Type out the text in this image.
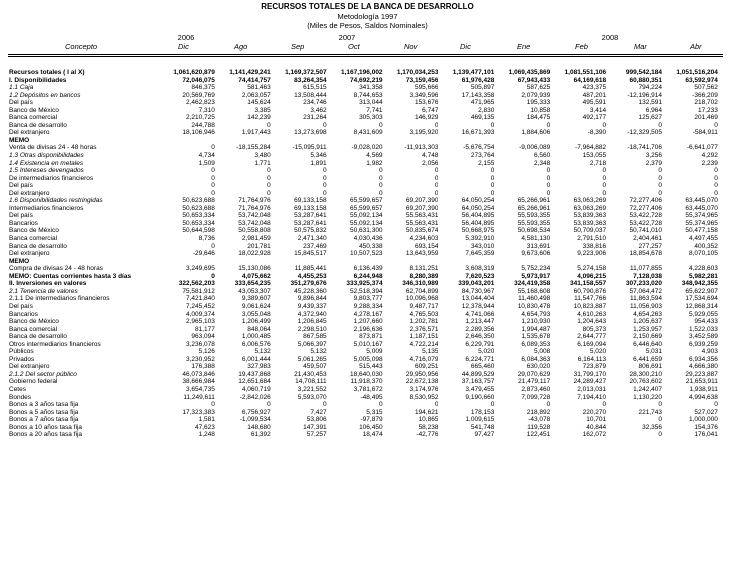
RECURSOS TOTALES DE LA BANCA DE DESARROLLO
Metodología 1997
(Miles de Pesos, Saldos Nominales)
2006	2007	2008
Concepto	Dic	Ago	Sep	Oct	Nov	Dic	Ene	Feb	Mar	Abr
Recursos totales ( I al X)	1,061,620,879	1,141,429,241	1,169,372,507	1,167,196,002	1,170,034,253	1,139,477,101	1,069,435,869	1,081,551,106	999,542,184	1,051,516,204
I. Disponibilidades	72,046,075	74,414,757	83,264,354	74,692,219	73,159,456	61,976,428	67,943,433	64,169,618	60,880,351	63,592,974
1.1 Caja	846,375	581,463	615,515	341,358	595,666	505,897	587,625	423,375	794,224	507,562
1.2 Depósitos en bancos	20,569,769	2,063,057	13,508,444	8,744,653	3,349,596	17,143,358	2,079,939	487,201	-12,196,914	-366,209
Del país	2,462,823	145,624	234,746	313,044	153,676	471,965	195,333	495,591	132,591	218,702
Banco de México	7,310	3,385	3,462	7,741	6,747	2,830	10,858	3,414	6,964	17,233
Banca comercial	2,210,725	142,239	231,264	305,303	146,929	469,135	184,475	492,177	125,627	201,469
Banca de desarrollo	244,788	0	0	0	0	0	0	0	0	0
Del extranjero	18,106,946	1,917,443	13,273,698	8,431,609	3,195,920	16,671,393	1,884,606	-8,390	-12,329,505	-584,911
MEMO										
Venta de divisas 24 - 48 horas	0	-18,155,284	-15,095,911	-9,028,020	-11,913,303	-5,676,754	-9,006,089	-7,964,882	-18,741,706	-6,641,077
1.3 Otras disponibilidades	4,734	3,480	5,346	4,569	4,748	273,764	6,560	153,055	3,256	4,292
1.4 Existencia en metales	1,509	1,771	1,891	1,982	2,056	2,155	2,348	2,718	2,379	2,239
1.5 Intereses devengados	0	0	0	0	0	0	0	0	0	0
De intermediarios financieros	0	0	0	0	0	0	0	0	0	0
Del país	0	0	0	0	0	0	0	0	0	0
Del extranjero	0	0	0	0	0	0	0	0	0	0
1.6 Disponibilidades restringidas	50,623,688	71,764,976	69,133,158	65,599,657	69,207,390	64,050,254	65,266,961	63,063,269	72,277,406	63,445,070
Intermediarios financieros	50,623,688	71,764,976	69,133,158	65,599,657	69,207,390	64,050,254	65,266,961	63,063,269	72,277,406	63,445,070
Del país	50,653,334	53,742,048	53,287,641	55,092,134	55,563,431	56,404,895	55,593,355	53,839,363	53,422,728	55,374,965
Bancarios	50,653,334	53,742,048	53,287,641	55,092,134	55,563,431	56,404,895	55,593,355	53,839,363	53,422,728	55,374,965
Banco de México	50,644,598	50,558,808	50,575,832	50,631,300	50,835,674	50,668,975	50,698,534	50,709,037	50,741,010	50,477,158
Banca comercial	8,736	2,981,459	2,471,340	4,030,436	4,234,603	5,392,910	4,581,130	2,791,510	2,404,461	4,497,455
Banca de desarrollo	0	201,781	237,469	450,338	693,154	343,010	313,691	338,816	277,257	400,352
Del extranjero	-29,646	18,022,928	15,845,517	10,507,523	13,643,959	7,645,359	9,673,606	9,223,906	18,854,678	8,070,105
MEMO										
Compra de divisas 24 - 48 horas	3,249,695	15,130,086	11,885,441	6,136,439	8,131,251	3,608,319	5,752,234	5,274,158	11,077,855	4,228,603
MEMO: Cuentas corrientes hasta 3 días	0	4,075,662	4,455,253	6,244,948	8,280,389	7,620,523	5,973,917	4,096,215	7,128,038	5,982,281
II. Inversiones en valores	322,562,203	333,654,235	351,279,676	333,925,374	346,310,989	339,043,201	324,419,358	341,158,557	307,233,020	348,942,355
2.1 Tenencia de valores	75,581,912	43,053,307	45,228,360	52,518,394	62,704,899	84,730,967	55,168,608	60,790,876	57,064,472	65,622,907
2.1.1 De intermediarios financieros	7,421,840	9,389,607	9,896,844	9,803,777	10,096,968	13,044,404	11,460,498	11,547,766	11,863,594	17,534,694
Del país	7,245,452	9,061,624	9,439,337	9,288,334	9,487,717	12,378,944	10,830,478	10,823,887	11,056,903	12,868,314
Bancarios	4,009,374	3,055,048	4,372,940	4,278,167	4,765,503	4,741,066	4,654,793	4,610,263	4,654,263	5,929,055
Banco de México	2,965,103	1,206,499	1,206,845	1,207,660	1,202,781	1,213,447	1,210,930	1,204,643	1,205,637	954,433
Banca comercial	81,177	848,064	2,298,510	2,196,636	2,376,571	2,289,356	1,994,487	805,373	1,253,957	1,522,033
Banca de desarrollo	963,094	1,000,485	867,585	873,871	1,187,151	2,646,350	1,535,678	2,644,777	2,150,669	3,452,589
Otros intermediarios financieros	3,236,078	6,006,576	5,066,397	5,010,167	4,722,214	6,229,791	6,089,353	6,169,094	6,446,640	6,939,259
Públicos	5,126	5,132	5,132	5,009	5,135	5,020	5,008	5,020	5,031	4,903
Privados	3,230,952	6,001,444	5,061,265	5,005,098	4,716,079	6,224,771	6,084,363	6,164,113	6,441,659	6,934,356
Del extranjero	176,388	327,983	459,507	515,443	609,251	665,460	630,020	723,879	806,691	4,666,380
2.1.2 Del sector público	46,073,846	19,437,868	21,430,453	18,640,030	29,950,956	44,899,529	29,070,629	31,799,170	28,300,210	29,223,887
Gobierno federal	38,666,984	12,651,684	14,708,111	11,918,370	22,672,138	37,163,757	21,479,117	24,289,427	20,763,602	21,653,911
Cetes	3,654,735	4,060,719	3,221,552	3,781,672	3,174,976	3,479,455	2,873,460	2,013,031	1,242,407	1,938,911
Bondes	11,249,611	-2,842,026	5,593,070	-48,495	8,530,952	9,190,660	7,099,728	7,194,410	1,130,220	4,994,638
Bonos a 3 años tasa fija	0	0	0	0	0	0	0	0	0	0
Bonos a 5 años tasa fija	17,323,383	6,756,927	7,427	5,315	194,621	178,153	218,892	220,270	221,743	527,027
Bonos a 7 años tasa fija	1,581	-1,099,534	53,806	-97,879	10,865	1,009,615	-43,078	10,701	0	1,000,000
Bonos a 10 años tasa fija	47,623	148,680	147,391	106,450	58,238	541,748	119,528	40,844	32,356	154,376
Bonos a 20 años tasa fija	1,248	61,392	57,257	18,474	-42,776	97,427	122,451	162,072	0	176,041
